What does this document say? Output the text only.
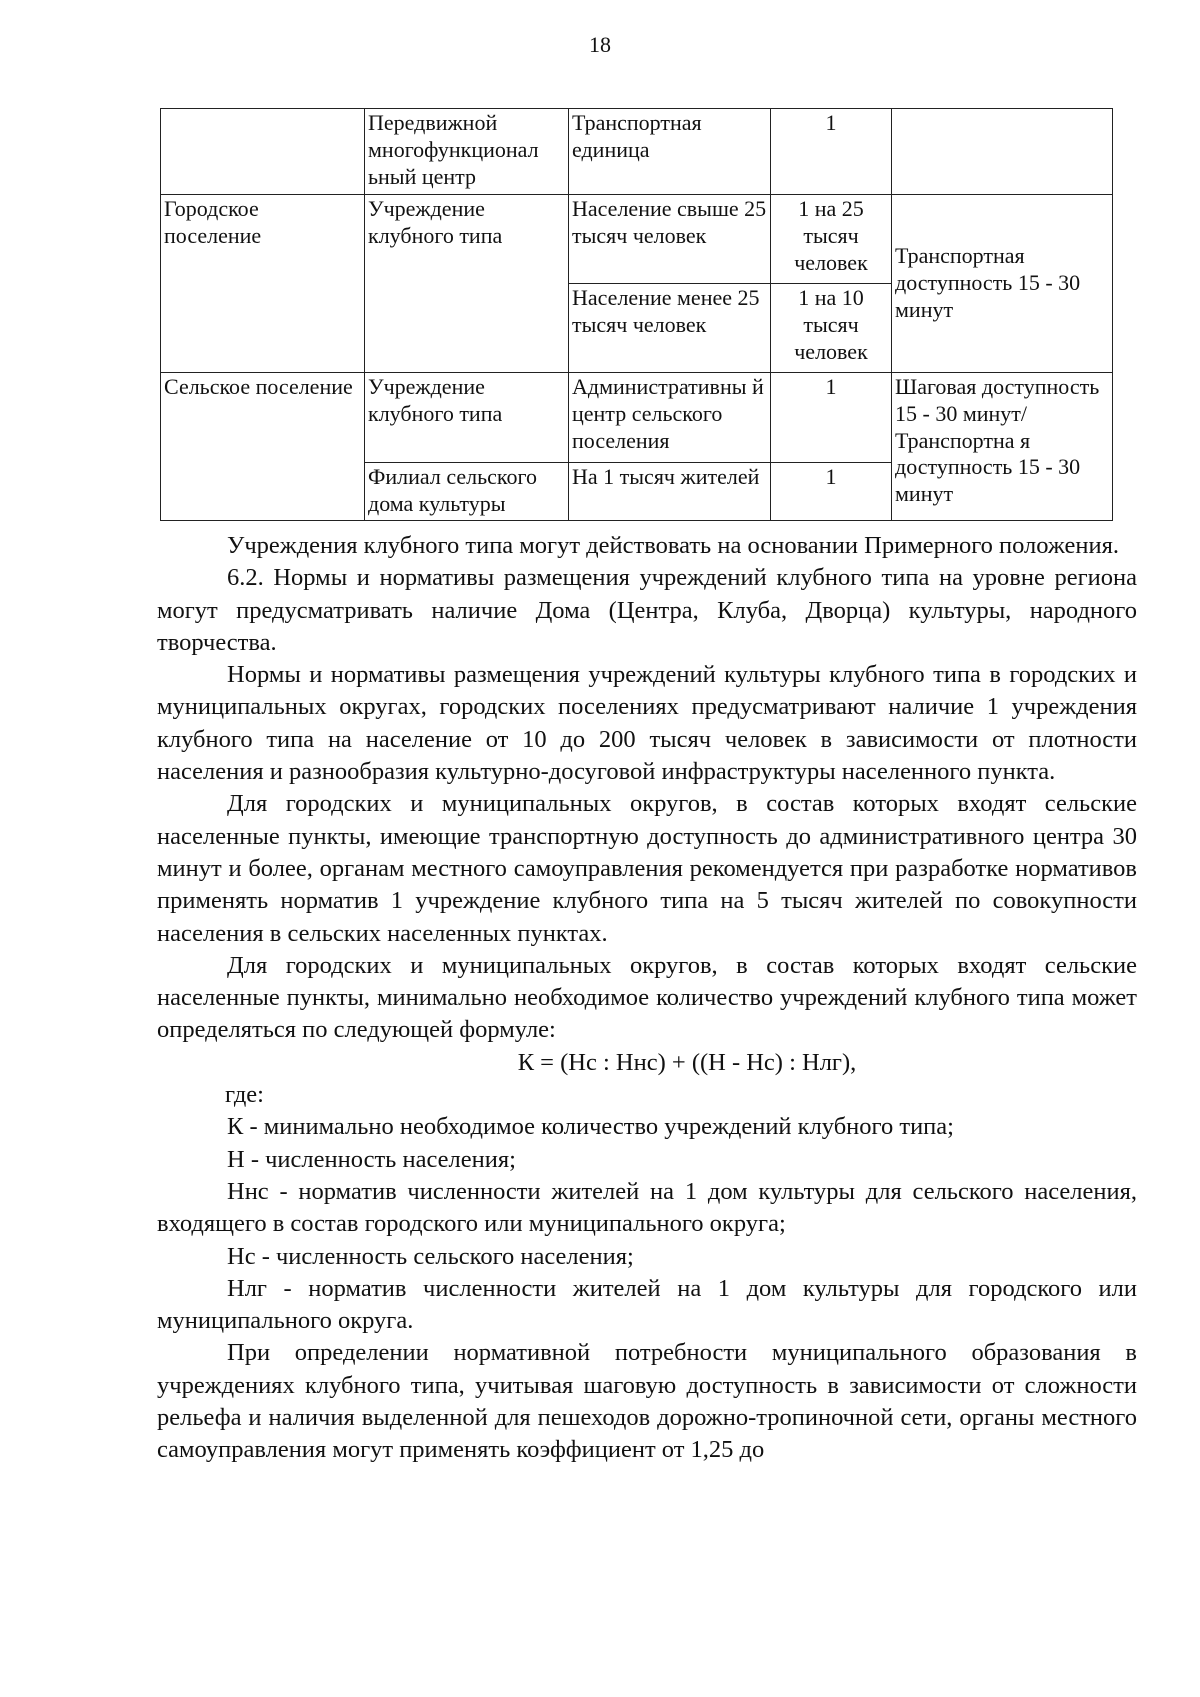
18
	Передвижной многофункционал ьный центр	Транспортная единица	1	
Городское поселение	Учреждение клубного типа	Население свыше 25 тысяч человек	1 на 25 тысяч человек	Транспортная доступность 15 - 30 минут
		Население менее 25 тысяч человек	1 на 10 тысяч человек	
Сельское поселение	Учреждение клубного типа	Административны й центр сельского поселения	1	Шаговая доступность 15 - 30 минут/Транспортна я доступность 15 - 30 минут
	Филиал сельского дома культуры	На 1 тысяч жителей	1	

Учреждения клубного типа могут действовать на основании Примерного положения.

6.2. Нормы и нормативы размещения учреждений клубного типа на уровне региона могут предусматривать наличие Дома (Центра, Клуба, Дворца) культуры, народного творчества.

Нормы и нормативы размещения учреждений культуры клубного типа в городских и муниципальных округах, городских поселениях предусматривают наличие 1 учреждения клубного типа на население от 10 до 200 тысяч человек в зависимости от плотности населения и разнообразия культурно-досуговой инфраструктуры населенного пункта.

Для городских и муниципальных округов, в состав которых входят сельские населенные пункты, имеющие транспортную доступность до административного центра 30 минут и более, органам местного самоуправления рекомендуется при разработке нормативов применять норматив 1 учреждение клубного типа на 5 тысяч жителей по совокупности населения в сельских населенных пунктах.

Для городских и муниципальных округов, в состав которых входят сельские населенные пункты, минимально необходимое количество учреждений клубного типа может определяться по следующей формуле:

К = (Нс : Ннс) + ((Н - Нс) : Нлг),

где:

К - минимально необходимое количество учреждений клубного типа;

Н - численность населения;

Ннс - норматив численности жителей на 1 дом культуры для сельского населения, входящего в состав городского или муниципального округа;

Нс - численность сельского населения;

Нлг - норматив численности жителей на 1 дом культуры для городского или муниципального округа.

При определении нормативной потребности муниципального образования в учреждениях клубного типа, учитывая шаговую доступность в зависимости от сложности рельефа и наличия выделенной для пешеходов дорожно-тропиночной сети, органы местного самоуправления могут применять коэффициент от 1,25 до
